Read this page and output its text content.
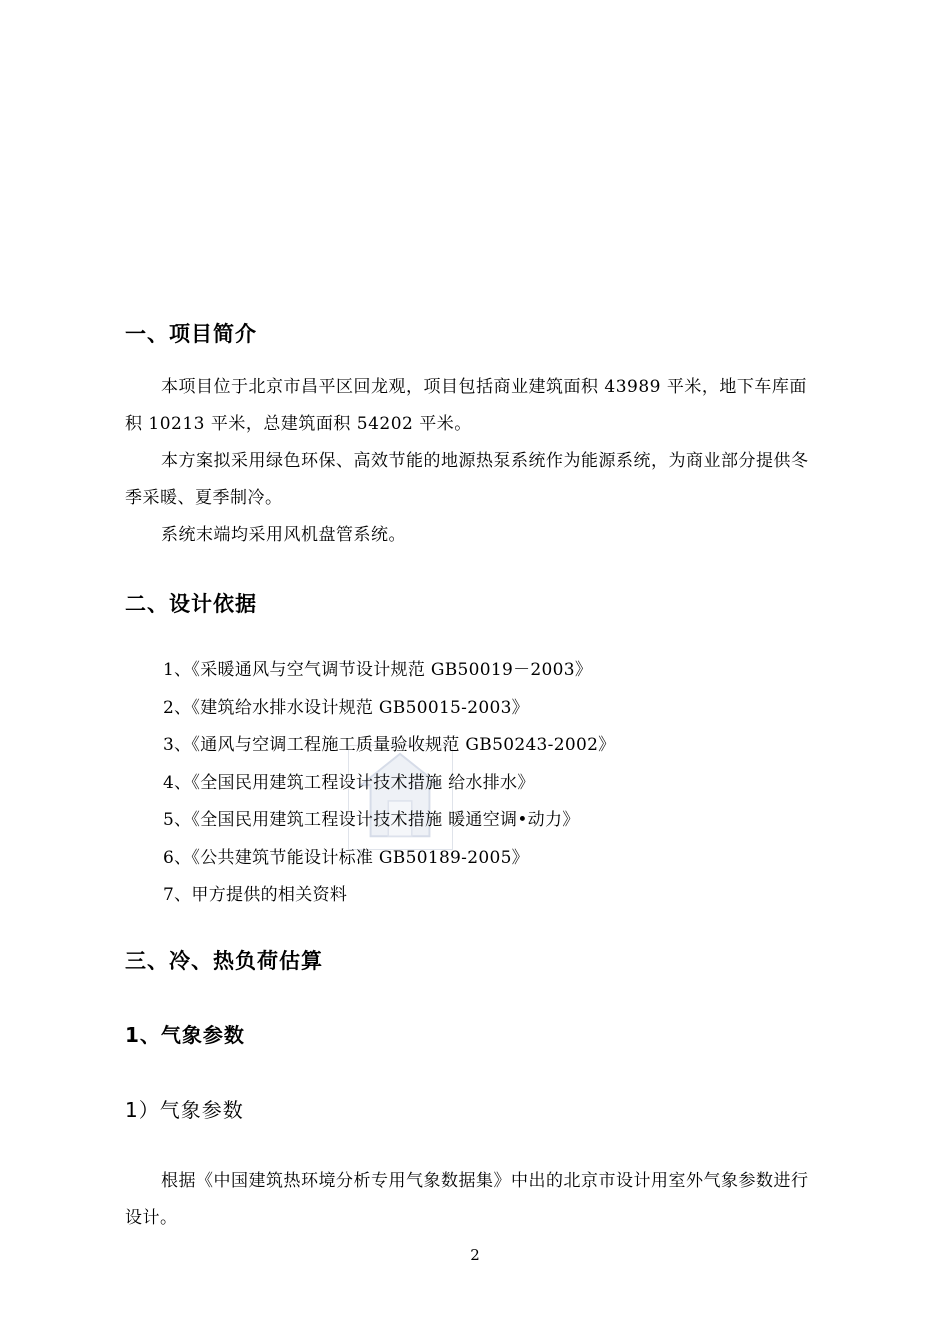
一、项目简介

本项目位于北京市昌平区回龙观，项目包括商业建筑面积 43989 平米，地下车库面积 10213 平米，总建筑面积 54202 平米。

本方案拟采用绿色环保、高效节能的地源热泵系统作为能源系统，为商业部分提供冬季采暖、夏季制冷。

系统末端均采用风机盘管系统。

二、设计依据
1、《采暖通风与空气调节设计规范 GB50019－2003》
2、《建筑给水排水设计规范 GB50015-2003》
3、《通风与空调工程施工质量验收规范 GB50243-2002》
4、《全国民用建筑工程设计技术措施 给水排水》
5、《全国民用建筑工程设计技术措施 暖通空调•动力》
6、《公共建筑节能设计标准 GB50189-2005》
7、甲方提供的相关资料
三、冷、热负荷估算
1、气象参数
1）气象参数

根据《中国建筑热环境分析专用气象数据集》中出的北京市设计用室外气象参数进行设计。

2
